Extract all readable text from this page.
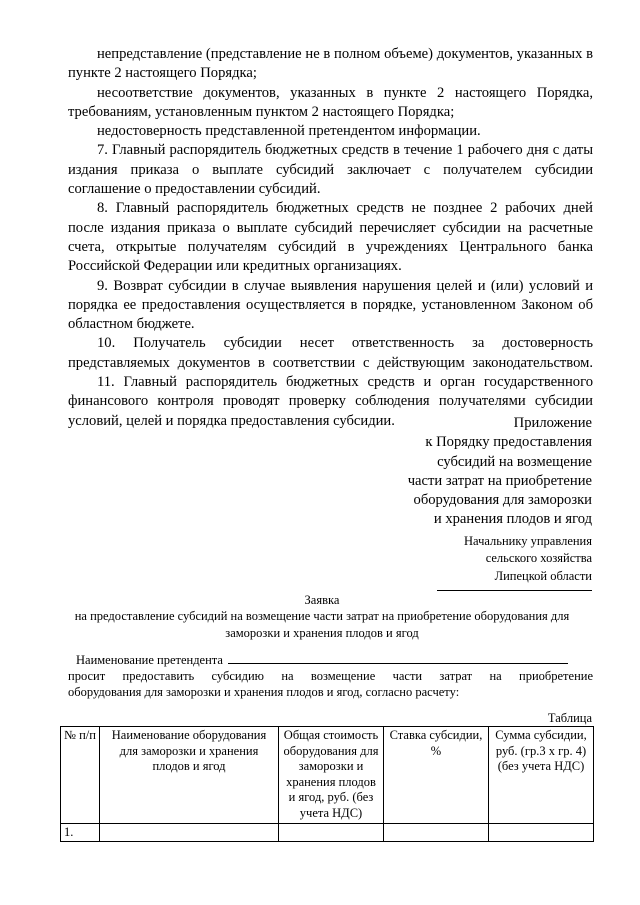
непредставление (представление не в полном объеме) документов, указанных в пункте 2 настоящего Порядка;

несоответствие документов, указанных в пункте 2 настоящего Порядка, требованиям, установленным пунктом 2 настоящего Порядка;

недостоверность представленной претендентом информации.

7. Главный распорядитель бюджетных средств в течение 1 рабочего дня с даты издания приказа о выплате субсидий заключает с получателем субсидии соглашение о предоставлении субсидий.

8. Главный распорядитель бюджетных средств не позднее 2 рабочих дней после издания приказа о выплате субсидий перечисляет субсидии на расчетные счета, открытые получателям субсидий в учреждениях Центрального банка Российской Федерации или кредитных организациях.

9. Возврат субсидии в случае выявления нарушения целей и (или) условий и порядка ее предоставления осуществляется в порядке, установленном Законом об областном бюджете.

10. Получатель субсидии несет ответственность за достоверность представляемых документов в соответствии с действующим законодательством.

11. Главный распорядитель бюджетных средств и орган государственного финансового контроля проводят проверку соблюдения получателями субсидии условий, целей и порядка предоставления субсидии.	Приложение
к Порядку предоставления
субсидий на возмещение
части затрат на приобретение
оборудования для заморозки
и хранения плодов и ягод
Начальнику управления
сельского хозяйства
Липецкой области
Заявка
на предоставление субсидий на возмещение части затрат на приобретение оборудования для заморозки и хранения плодов и ягод
Наименование претендента
просит предоставить субсидию на возмещение части затрат на приобретение
оборудования для заморозки и хранения плодов и ягод, согласно расчету:
Таблица
№ п/п	Наименование оборудования для заморозки и хранения плодов и ягод	Общая стоимость оборудования для заморозки и хранения плодов и ягод, руб. (без учета НДС)	Ставка субсидии, %	Сумма субсидии, руб. (гр.3 х гр. 4) (без учета НДС)
1.				
